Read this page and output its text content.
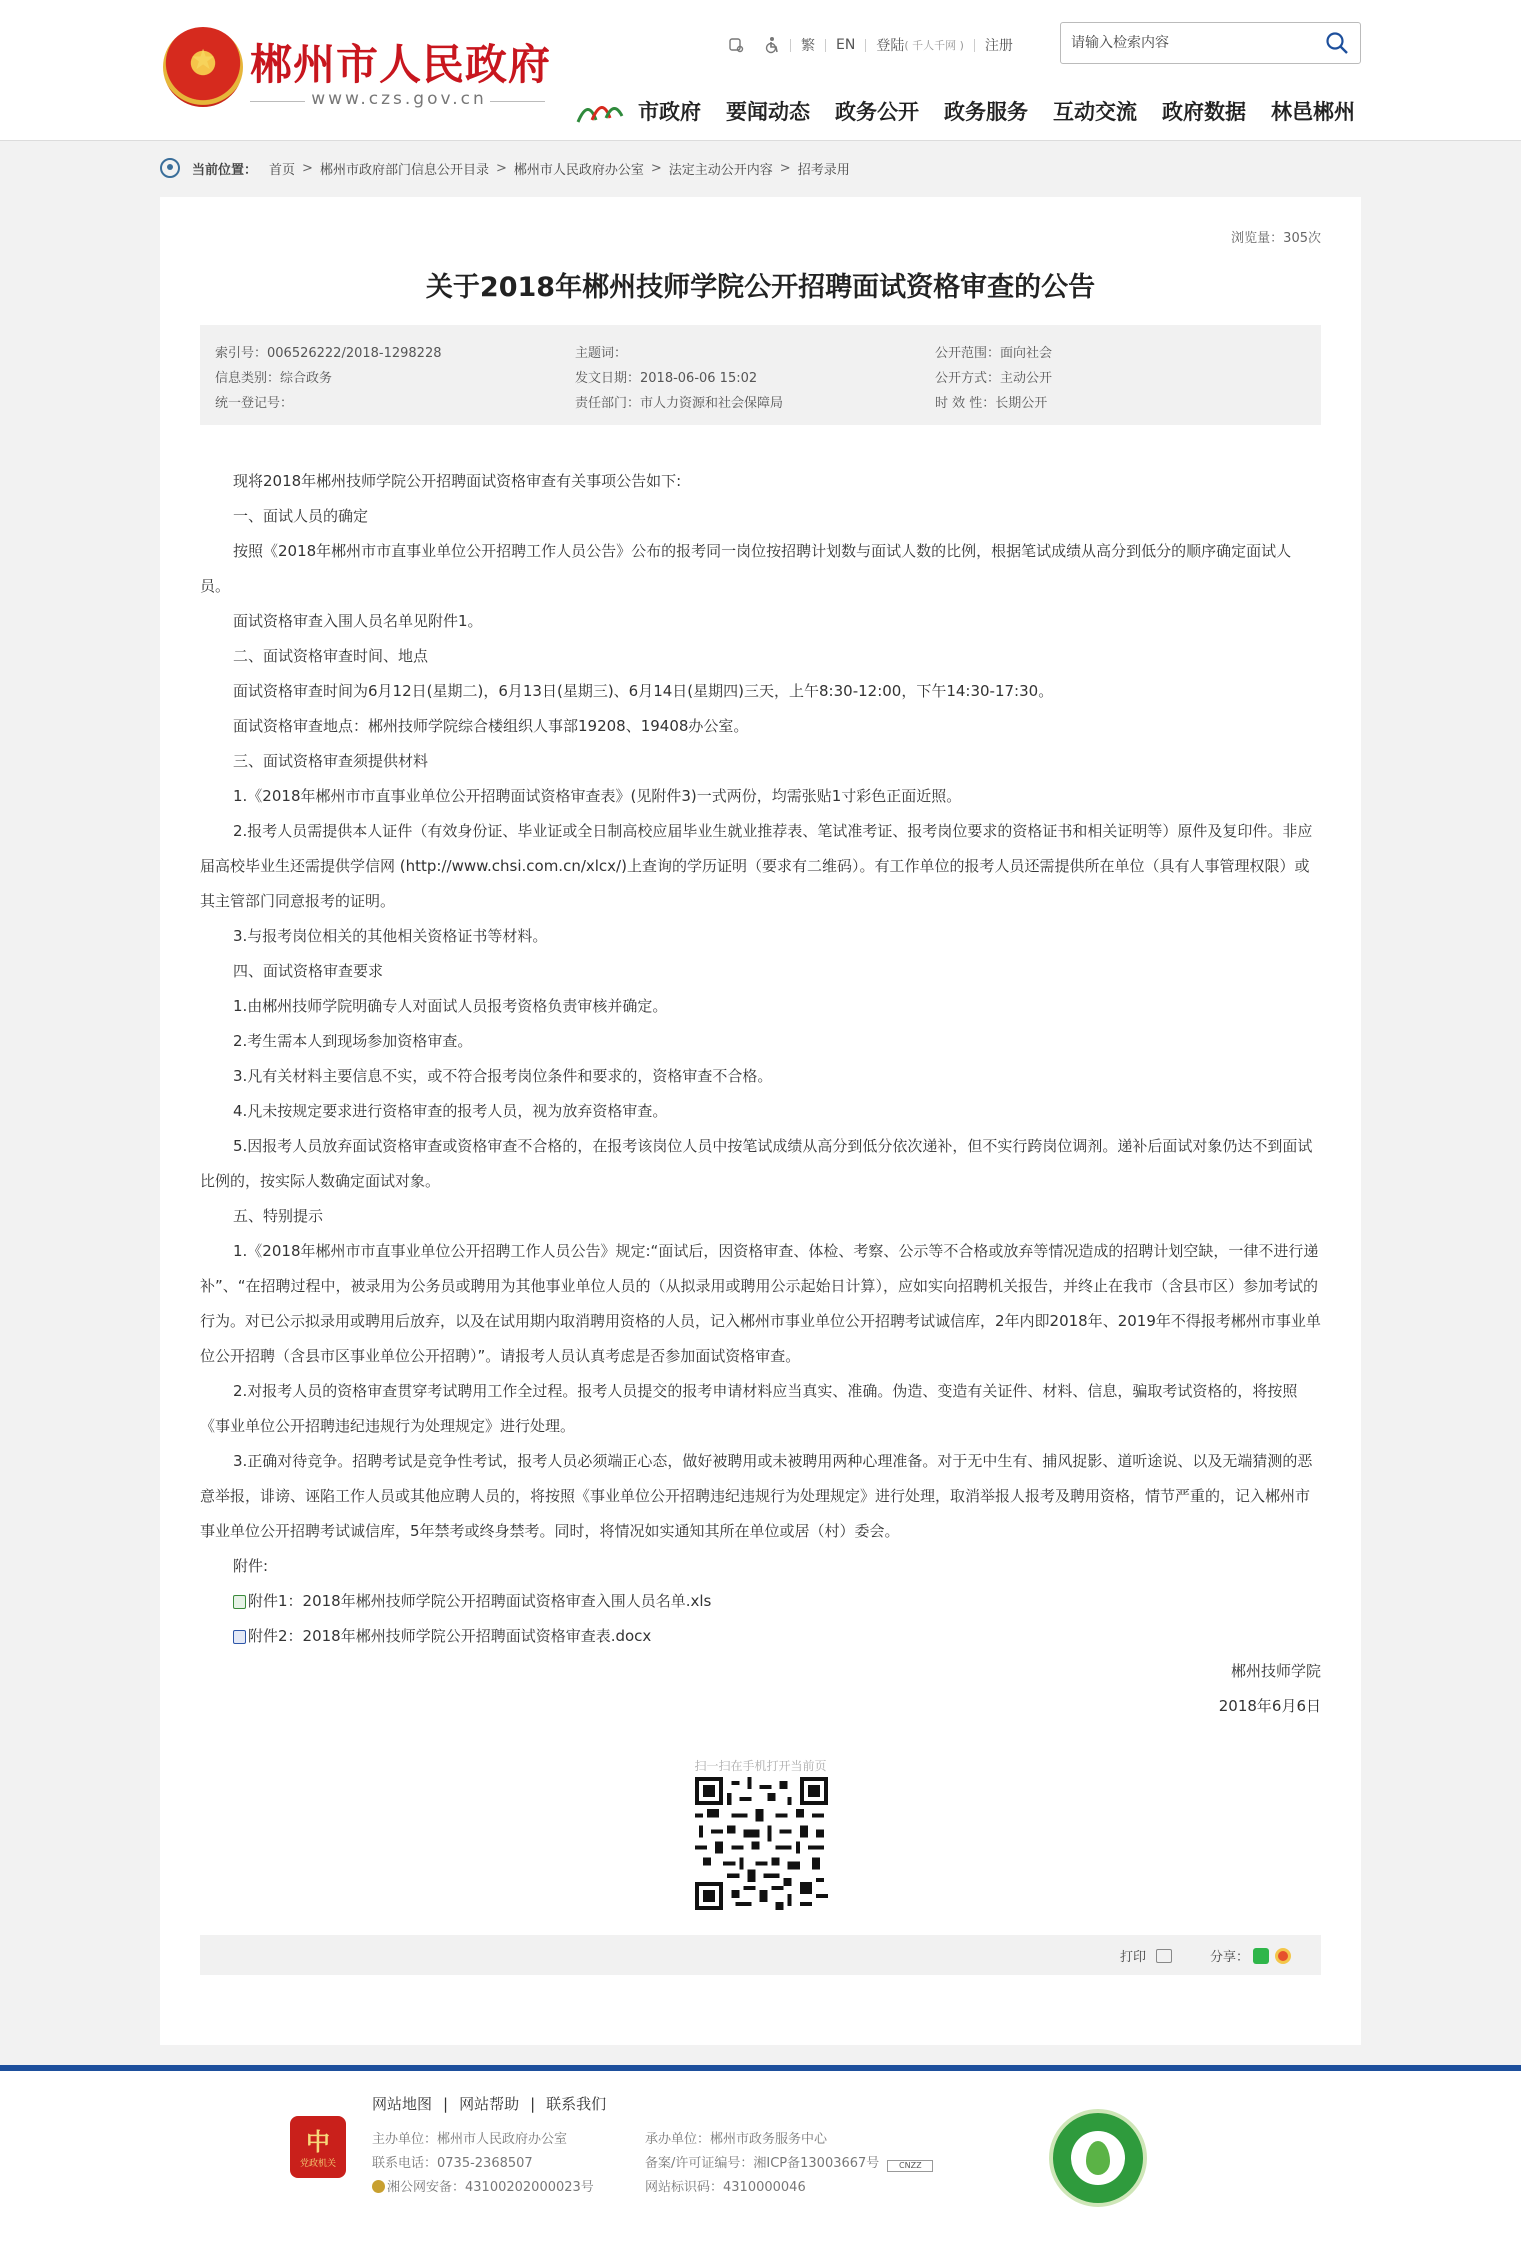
★ 郴州市人民政府
www.czs.gov.cn
繁	EN	登陆 ( 千人千网 )	注册
请输入检索内容
市政府 要闻动态 政务公开 政务服务 互动交流 政府数据 林邑郴州
当前位置： 首页 > 郴州市政府部门信息公开目录 > 郴州市人民政府办公室 > 法定主动公开内容 > 招考录用
浏览量：305次
关于2018年郴州技师学院公开招聘面试资格审查的公告
索引号：006526222/2018-1298228	主题词：	公开范围：面向社会
信息类别：综合政务	发文日期：2018-06-06 15:02	公开方式：主动公开
统一登记号：	责任部门：市人力资源和社会保障局	时 效 性：长期公开

现将2018年郴州技师学院公开招聘面试资格审查有关事项公告如下:

一、面试人员的确定

按照《2018年郴州市市直事业单位公开招聘工作人员公告》公布的报考同一岗位按招聘计划数与面试人数的比例，根据笔试成绩从高分到低分的顺序确定面试人员。

面试资格审查入围人员名单见附件1。

二、面试资格审查时间、地点

面试资格审查时间为6月12日(星期二)，6月13日(星期三)、6月14日(星期四)三天，上午8:30-12:00，下午14:30-17:30。

面试资格审查地点：郴州技师学院综合楼组织人事部19208、19408办公室。

三、面试资格审查须提供材料

1.《2018年郴州市市直事业单位公开招聘面试资格审查表》(见附件3)一式两份，均需张贴1寸彩色正面近照。

2.报考人员需提供本人证件（有效身份证、毕业证或全日制高校应届毕业生就业推荐表、笔试准考证、报考岗位要求的资格证书和相关证明等）原件及复印件。非应届高校毕业生还需提供学信网 (http://www.chsi.com.cn/xlcx/)上查询的学历证明（要求有二维码）。有工作单位的报考人员还需提供所在单位（具有人事管理权限）或其主管部门同意报考的证明。

3.与报考岗位相关的其他相关资格证书等材料。

四、面试资格审查要求

1.由郴州技师学院明确专人对面试人员报考资格负责审核并确定。

2.考生需本人到现场参加资格审查。

3.凡有关材料主要信息不实，或不符合报考岗位条件和要求的，资格审查不合格。

4.凡未按规定要求进行资格审查的报考人员，视为放弃资格审查。

5.因报考人员放弃面试资格审查或资格审查不合格的，在报考该岗位人员中按笔试成绩从高分到低分依次递补，但不实行跨岗位调剂。递补后面试对象仍达不到面试比例的，按实际人数确定面试对象。

五、特别提示

1.《2018年郴州市市直事业单位公开招聘工作人员公告》规定:“面试后，因资格审查、体检、考察、公示等不合格或放弃等情况造成的招聘计划空缺，一律不进行递补”、“在招聘过程中，被录用为公务员或聘用为其他事业单位人员的（从拟录用或聘用公示起始日计算），应如实向招聘机关报告，并终止在我市（含县市区）参加考试的行为。对已公示拟录用或聘用后放弃，以及在试用期内取消聘用资格的人员，记入郴州市事业单位公开招聘考试诚信库，2年内即2018年、2019年不得报考郴州市事业单位公开招聘（含县市区事业单位公开招聘）”。请报考人员认真考虑是否参加面试资格审查。

2.对报考人员的资格审查贯穿考试聘用工作全过程。报考人员提交的报考申请材料应当真实、准确。伪造、变造有关证件、材料、信息，骗取考试资格的，将按照《事业单位公开招聘违纪违规行为处理规定》进行处理。

3.正确对待竞争。招聘考试是竞争性考试，报考人员必须端正心态，做好被聘用或未被聘用两种心理准备。对于无中生有、捕风捉影、道听途说、以及无端猜测的恶意举报，诽谤、诬陷工作人员或其他应聘人员的，将按照《事业单位公开招聘违纪违规行为处理规定》进行处理，取消举报人报考及聘用资格，情节严重的，记入郴州市事业单位公开招聘考试诚信库，5年禁考或终身禁考。同时，将情况如实通知其所在单位或居（村）委会。

附件:

附件1：2018年郴州技师学院公开招聘面试资格审查入围人员名单.xls
附件2：2018年郴州技师学院公开招聘面试资格审查表.docx
郴州技师学院
2018年6月6日
扫一扫在手机打开当前页
打印	分享：
中
党政机关
网站地图 | 网站帮助 | 联系我们
主办单位：郴州市人民政府办公室
联系电话：0735-2368507
湘公网安备：43100202000023号
承办单位：郴州市政务服务中心
备案/许可证编号：湘ICP备13003667号 CNZZ
网站标识码：4310000046
